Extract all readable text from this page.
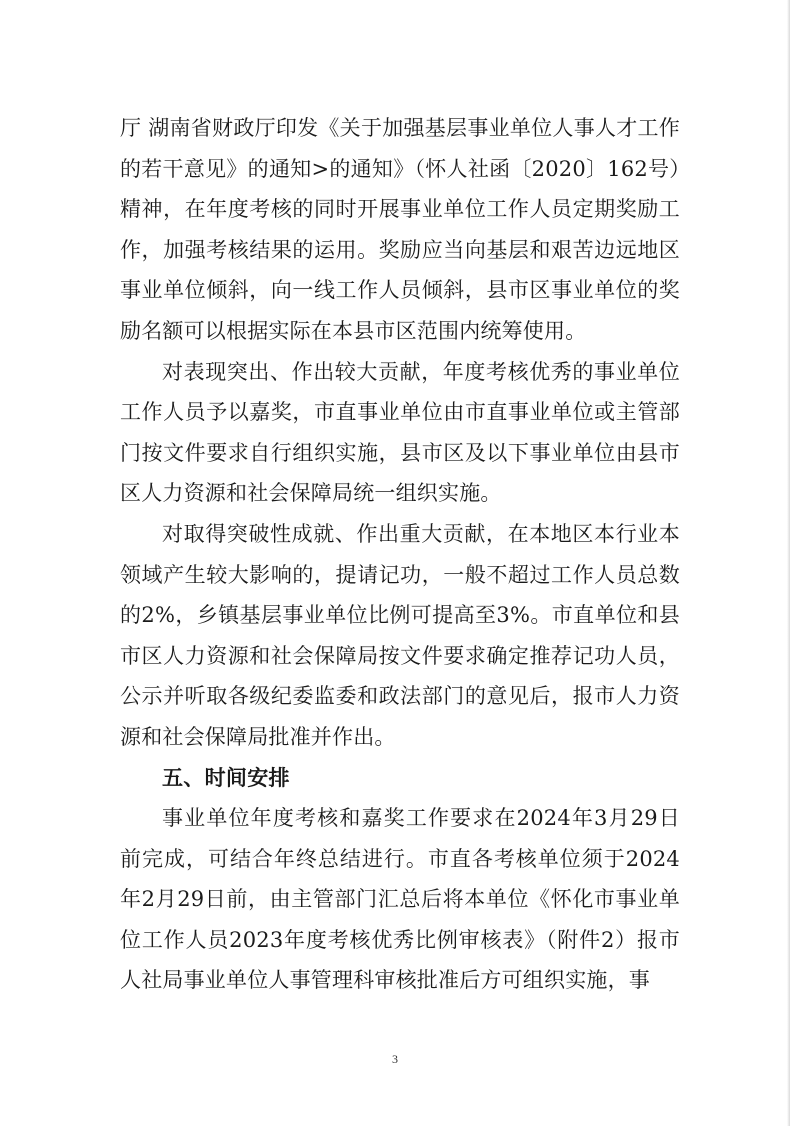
厅 湖南省财政厅印发《关于加强基层事业单位人事人才工作的若干意见》的通知>的通知》（怀人社函〔2020〕162号）精神，在年度考核的同时开展事业单位工作人员定期奖励工作，加强考核结果的运用。奖励应当向基层和艰苦边远地区事业单位倾斜，向一线工作人员倾斜，县市区事业单位的奖励名额可以根据实际在本县市区范围内统筹使用。

对表现突出、作出较大贡献，年度考核优秀的事业单位工作人员予以嘉奖，市直事业单位由市直事业单位或主管部门按文件要求自行组织实施，县市区及以下事业单位由县市区人力资源和社会保障局统一组织实施。

对取得突破性成就、作出重大贡献，在本地区本行业本领域产生较大影响的，提请记功，一般不超过工作人员总数的2%，乡镇基层事业单位比例可提高至3%。市直单位和县市区人力资源和社会保障局按文件要求确定推荐记功人员，公示并听取各级纪委监委和政法部门的意见后，报市人力资源和社会保障局批准并作出。

五、时间安排

事业单位年度考核和嘉奖工作要求在2024年3月29日前完成，可结合年终总结进行。市直各考核单位须于2024年2月29日前，由主管部门汇总后将本单位《怀化市事业单位工作人员2023年度考核优秀比例审核表》（附件2）报市人社局事业单位人事管理科审核批准后方可组织实施，事

3
